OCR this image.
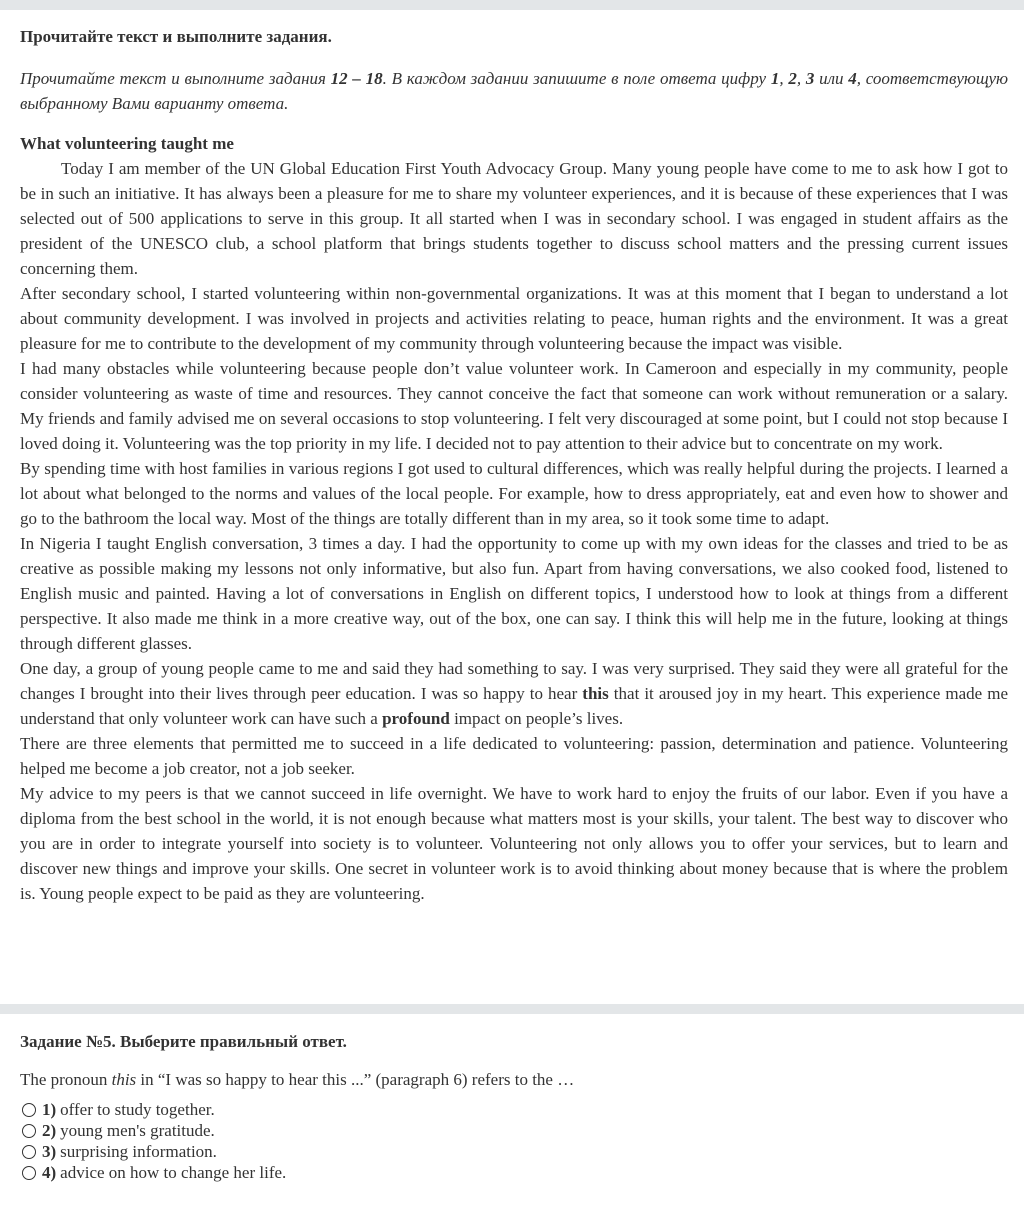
Прочитайте текст и выполните задания.

Прочитайте текст и выполните задания 12 – 18. В каждом задании запишите в поле ответа цифру 1, 2, 3 или 4, соответствующую выбранному Вами варианту ответа.

What volunteering taught me

Today I am member of the UN Global Education First Youth Advocacy Group. Many young people have come to me to ask how I got to be in such an initiative. It has always been a pleasure for me to share my volunteer experiences, and it is because of these experiences that I was selected out of 500 applications to serve in this group. It all started when I was in secondary school. I was engaged in student affairs as the president of the UNESCO club, a school platform that brings students together to discuss school matters and the pressing current issues concerning them.

After secondary school, I started volunteering within non-governmental organizations. It was at this moment that I began to understand a lot about community development. I was involved in projects and activities relating to peace, human rights and the environment. It was a great pleasure for me to contribute to the development of my community through volunteering because the impact was visible.

I had many obstacles while volunteering because people don’t value volunteer work. In Cameroon and especially in my community, people consider volunteering as waste of time and resources. They cannot conceive the fact that someone can work without remuneration or a salary. My friends and family advised me on several occasions to stop volunteering. I felt very discouraged at some point, but I could not stop because I loved doing it. Volunteering was the top priority in my life. I decided not to pay attention to their advice but to concentrate on my work.

By spending time with host families in various regions I got used to cultural differences, which was really helpful during the projects. I learned a lot about what belonged to the norms and values of the local people. For example, how to dress appropriately, eat and even how to shower and go to the bathroom the local way. Most of the things are totally different than in my area, so it took some time to adapt.

In Nigeria I taught English conversation, 3 times a day. I had the opportunity to come up with my own ideas for the classes and tried to be as creative as possible making my lessons not only informative, but also fun. Apart from having conversations, we also cooked food, listened to English music and painted. Having a lot of conversations in English on different topics, I understood how to look at things from a different perspective. It also made me think in a more creative way, out of the box, one can say. I think this will help me in the future, looking at things through different glasses.

One day, a group of young people came to me and said they had something to say. I was very surprised. They said they were all grateful for the changes I brought into their lives through peer education. I was so happy to hear this that it aroused joy in my heart. This experience made me understand that only volunteer work can have such a profound impact on people’s lives.

There are three elements that permitted me to succeed in a life dedicated to volunteering: passion, determination and patience. Volunteering helped me become a job creator, not a job seeker.

My advice to my peers is that we cannot succeed in life overnight. We have to work hard to enjoy the fruits of our labor. Even if you have a diploma from the best school in the world, it is not enough because what matters most is your skills, your talent. The best way to discover who you are in order to integrate yourself into society is to volunteer. Volunteering not only allows you to offer your services, but to learn and discover new things and improve your skills. One secret in volunteer work is to avoid thinking about money because that is where the problem is. Young people expect to be paid as they are volunteering.

Задание №5. Выберите правильный ответ.

The pronoun this in “I was so happy to hear this ...” (paragraph 6) refers to the …

1) offer to study together.
2) young men's gratitude.
3) surprising information.
4) advice on how to change her life.
